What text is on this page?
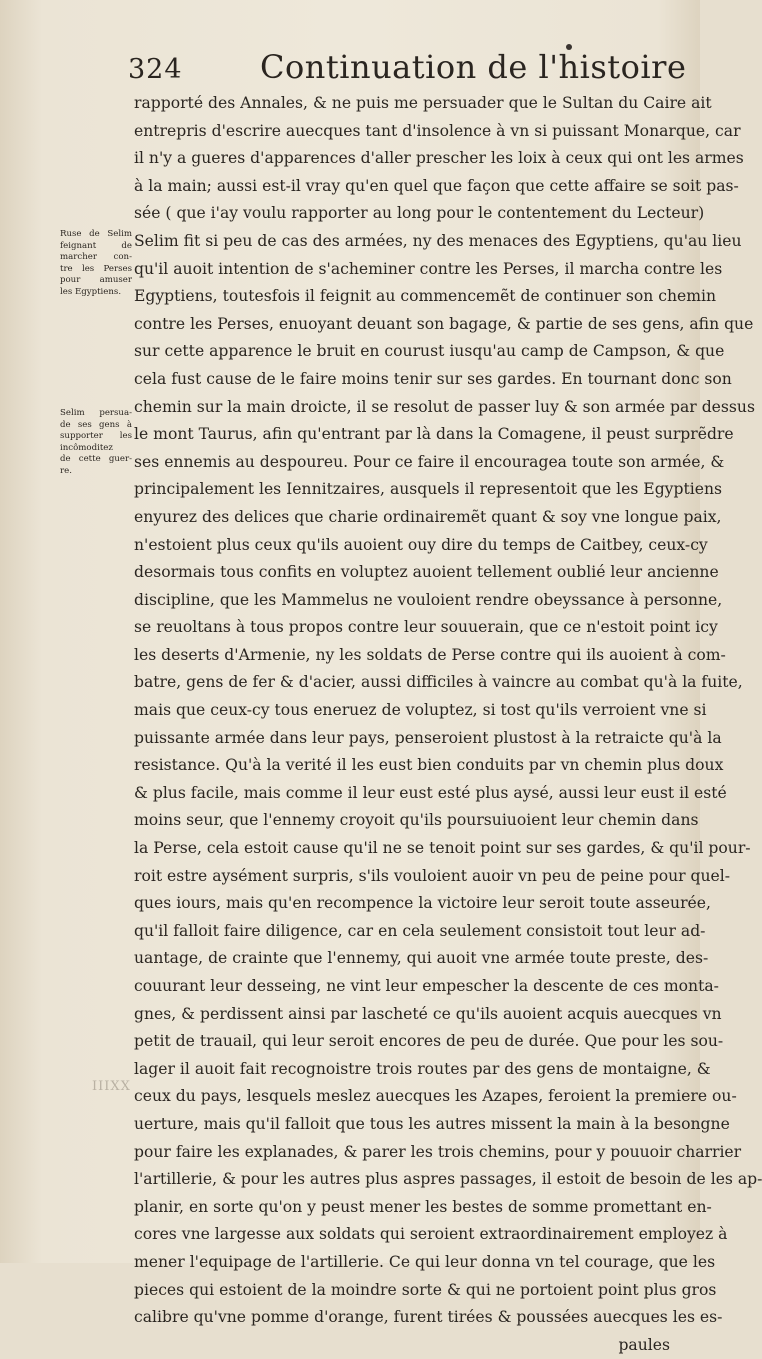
324 Continuation de l'histoire
Ruse de Selim
feignant de
marcher con-
tre les Perses
pour amuser
les Egyptiens.
Selim persua-
de ses gens à
supporter les
incômoditez
de cette guer-
re.
rapporté des Annales, & ne puis me persuader que le Sultan du Caire ait
entrepris d'escrire auecques tant d'insolence à vn si puissant Monarque, car
il n'y a gueres d'apparences d'aller prescher les loix à ceux qui ont les armes
à la main; aussi est-il vray qu'en quel que façon que cette affaire se soit pas-
sée ( que i'ay voulu rapporter au long pour le contentement du Lecteur)
Selim fit si peu de cas des armées, ny des menaces des Egyptiens, qu'au lieu
qu'il auoit intention de s'acheminer contre les Perses, il marcha contre les
Egyptiens, toutesfois il feignit au commencemẽt de continuer son chemin
contre les Perses, enuoyant deuant son bagage, & partie de ses gens, afin que
sur cette apparence le bruit en courust iusqu'au camp de Campson, & que
cela fust cause de le faire moins tenir sur ses gardes. En tournant donc son
chemin sur la main droicte, il se resolut de passer luy & son armée par dessus
le mont Taurus, afin qu'entrant par là dans la Comagene, il peust surprẽdre
ses ennemis au despoureu. Pour ce faire il encouragea toute son armée, &
principalement les Iennitzaires, ausquels il representoit que les Egyptiens
enyurez des delices que charie ordinairemẽt quant & soy vne longue paix,
n'estoient plus ceux qu'ils auoient ouy dire du temps de Caitbey, ceux-cy
desormais tous confits en voluptez auoient tellement oublié leur ancienne
discipline, que les Mammelus ne vouloient rendre obeyssance à personne,
se reuoltans à tous propos contre leur souuerain, que ce n'estoit point icy
les deserts d'Armenie, ny les soldats de Perse contre qui ils auoient à com-
batre, gens de fer & d'acier, aussi difficiles à vaincre au combat qu'à la fuite,
mais que ceux-cy tous eneruez de voluptez, si tost qu'ils verroient vne si
puissante armée dans leur pays, penseroient plustost à la retraicte qu'à la
resistance. Qu'à la verité il les eust bien conduits par vn chemin plus doux
& plus facile, mais comme il leur eust esté plus aysé, aussi leur eust il esté
moins seur, que l'ennemy croyoit qu'ils poursuiuoient leur chemin dans
la Perse, cela estoit cause qu'il ne se tenoit point sur ses gardes, & qu'il pour-
roit estre aysément surpris, s'ils vouloient auoir vn peu de peine pour quel-
ques iours, mais qu'en recompence la victoire leur seroit toute asseurée,
qu'il falloit faire diligence, car en cela seulement consistoit tout leur ad-
uantage, de crainte que l'ennemy, qui auoit vne armée toute preste, des-
couurant leur desseing, ne vint leur empescher la descente de ces monta-
gnes, & perdissent ainsi par lascheté ce qu'ils auoient acquis auecques vn
petit de trauail, qui leur seroit encores de peu de durée. Que pour les sou-
lager il auoit fait recognoistre trois routes par des gens de montaigne, &
ceux du pays, lesquels meslez auecques les Azapes, feroient la premiere ou-
uerture, mais qu'il falloit que tous les autres missent la main à la besongne
pour faire les explanades, & parer les trois chemins, pour y pouuoir charrier
l'artillerie, & pour les autres plus aspres passages, il estoit de besoin de les ap-
planir, en sorte qu'on y peust mener les bestes de somme promettant en-
cores vne largesse aux soldats qui seroient extraordinairement employez à
mener l'equipage de l'artillerie. Ce qui leur donna vn tel courage, que les
pieces qui estoient de la moindre sorte & qui ne portoient point plus gros
calibre qu'vne pomme d'orange, furent tirées & poussées auecques les es-
paules
IIIXX
